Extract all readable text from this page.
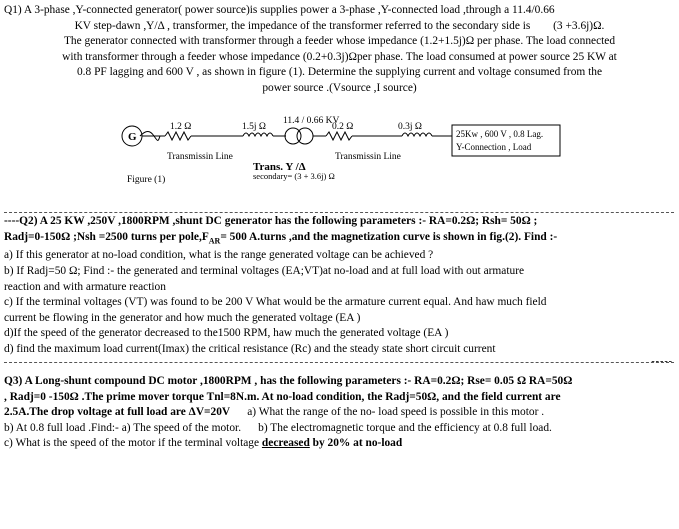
Q1) A 3-phase ,Y-connected generator( power source)is supplies power a 3-phase ,Y-connected load ,through a 11.4/0.66
KV step-dawn ,Y/Δ , transformer, the impedance of the transformer referred to the secondary side is (3 +3.6j)Ω.
The generator connected with transformer through a feeder whose impedance (1.2+1.5j)Ω per phase. The load connected
with transformer through a feeder whose impedance (0.2+0.3j)Ωper phase. The load consumed at power source 25 KW at
0.8 PF lagging and 600 V , as shown in figure (1). Determine the supplying current and voltage consumed from the
power source .(Vsource ,I source)
G
1.2 Ω	1.5j Ω
11.4 / 0.66 KV
0.2 Ω	0.3j Ω
Transmissin Line	Transmissin Line
Trans. Y /Δ
secondary= (3 + 3.6j) Ω
25Kw , 600 V , 0.8 Lag.
Y-Connection , Load
Figure (1)
----Q2) A 25 KW ,250V ,1800RPM ,shunt DC generator has the following parameters :- RA=0.2Ω; Rsh= 50Ω ;
Radj=0-150Ω ;Nsh =2500 turns per $pole,F_{AR}= 500$ A.turns ,and the magnetization curve is shown in fig.(2). Find :-
a) If this generator at no-load condition, what is the range generated voltage can be achieved ?
b) If Radj=50 Ω; Find :- the generated and terminal voltages (EA;VT)at no-load and at full load with out armature
reaction and with armature reaction
c) If the terminal voltages (VT) was found to be 200 V What would be the armature current equal. And haw much field
current be flowing in the generator and how much the generated voltage (EA )
d)If the speed of the generator decreased to the1500 RPM, haw much the generated voltage (EA )
d) find the maximum load current(Imax) the critical resistance (Rc) and the steady state short circuit current
-----
Q3) A Long-shunt compound DC motor ,1800RPM , has the following parameters :- RA=0.2Ω; Rse= 0.05 Ω RA=50Ω
, Radj=0 -150Ω .The prime mover torque Tnl=8N.m. At no-load condition, the Radj=50Ω, and the field current are
2.5A.The drop voltage at full load are ΔV=20V a) What the range of the no- load speed is possible in this motor .
b) At 0.8 full load .Find:- a) The speed of the motor. b) The electromagnetic torque and the efficiency at 0.8 full load.
c) What is the speed of the motor if the terminal voltage decreased by 20% at no-load
